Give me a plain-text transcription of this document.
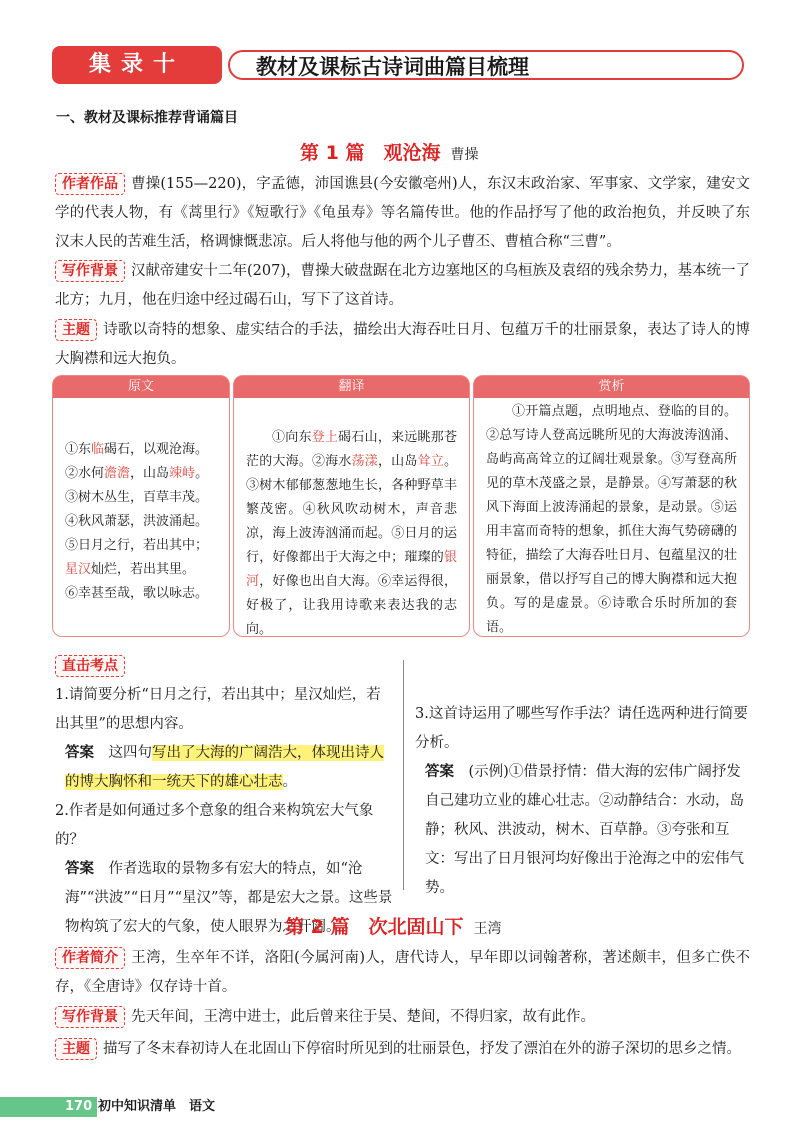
集录十	教材及课标古诗词曲篇目梳理
一、教材及课标推荐背诵篇目
第 1 篇　观沧海 曹操
作者作品 曹操(155—220)，字孟德，沛国谯县(今安徽亳州)人，东汉末政治家、军事家、文学家，建安文学的代表人物，有《蒿里行》《短歌行》《龟虽寿》等名篇传世。他的作品抒写了他的政治抱负，并反映了东汉末人民的苦难生活，格调慷慨悲凉。后人将他与他的两个儿子曹丕、曹植合称“三曹”。
写作背景 汉献帝建安十二年(207)，曹操大破盘踞在北方边塞地区的乌桓族及袁绍的残余势力，基本统一了北方；九月，他在归途中经过碣石山，写下了这首诗。
主题 诗歌以奇特的想象、虚实结合的手法，描绘出大海吞吐日月、包蕴万千的壮丽景象，表达了诗人的博大胸襟和远大抱负。
原文
①东临碣石，以观沧海。
②水何澹澹，山岛竦峙。
③树木丛生，百草丰茂。
④秋风萧瑟，洪波涌起。
⑤日月之行，若出其中；
星汉灿烂，若出其里。
⑥幸甚至哉，歌以咏志。
翻译
①向东登上碣石山，来远眺那苍茫的大海。②海水荡漾，山岛耸立。③树木郁郁葱葱地生长，各种野草丰繁茂密。④秋风吹动树木，声音悲凉，海上波涛汹涌而起。⑤日月的运行，好像都出于大海之中；璀璨的银河，好像也出自大海。⑥幸运得很，好极了，让我用诗歌来表达我的志向。
赏析
①开篇点题，点明地点、登临的目的。②总写诗人登高远眺所见的大海波涛汹涌、岛屿高高耸立的辽阔壮观景象。③写登高所见的草木茂盛之景，是静景。④写萧瑟的秋风下海面上波涛涌起的景象，是动景。⑤运用丰富而奇特的想象，抓住大海气势磅礴的特征，描绘了大海吞吐日月、包蕴星汉的壮丽景象，借以抒写自己的博大胸襟和远大抱负。写的是虚景。⑥诗歌合乐时所加的套语。
直击考点
1.请简要分析“日月之行，若出其中；星汉灿烂，若出其里”的思想内容。
答案　 这四句写出了大海的广阔浩大，体现出诗人的博大胸怀和一统天下的雄心壮志。
2.作者是如何通过多个意象的组合来构筑宏大气象的？
答案　 作者选取的景物多有宏大的特点，如“沧海”“洪波”“日月”“星汉”等，都是宏大之景。这些景物构筑了宏大的气象，使人眼界为之开阔。
3.这首诗运用了哪些写作手法？请任选两种进行简要分析。
答案　 (示例)①借景抒情：借大海的宏伟广阔抒发自己建功立业的雄心壮志。②动静结合：水动，岛静；秋风、洪波动，树木、百草静。③夸张和互文：写出了日月银河均好像出于沧海之中的宏伟气势。
第 2 篇　次北固山下 王湾
作者简介 王湾，生卒年不详，洛阳(今属河南)人，唐代诗人，早年即以词翰著称，著述颇丰，但多亡佚不存，《全唐诗》仅存诗十首。
写作背景 先天年间，王湾中进士，此后曾来往于吴、楚间，不得归家，故有此作。
主题 描写了冬末春初诗人在北固山下停宿时所见到的壮丽景色，抒发了漂泊在外的游子深切的思乡之情。
170 初中知识清单　语文
